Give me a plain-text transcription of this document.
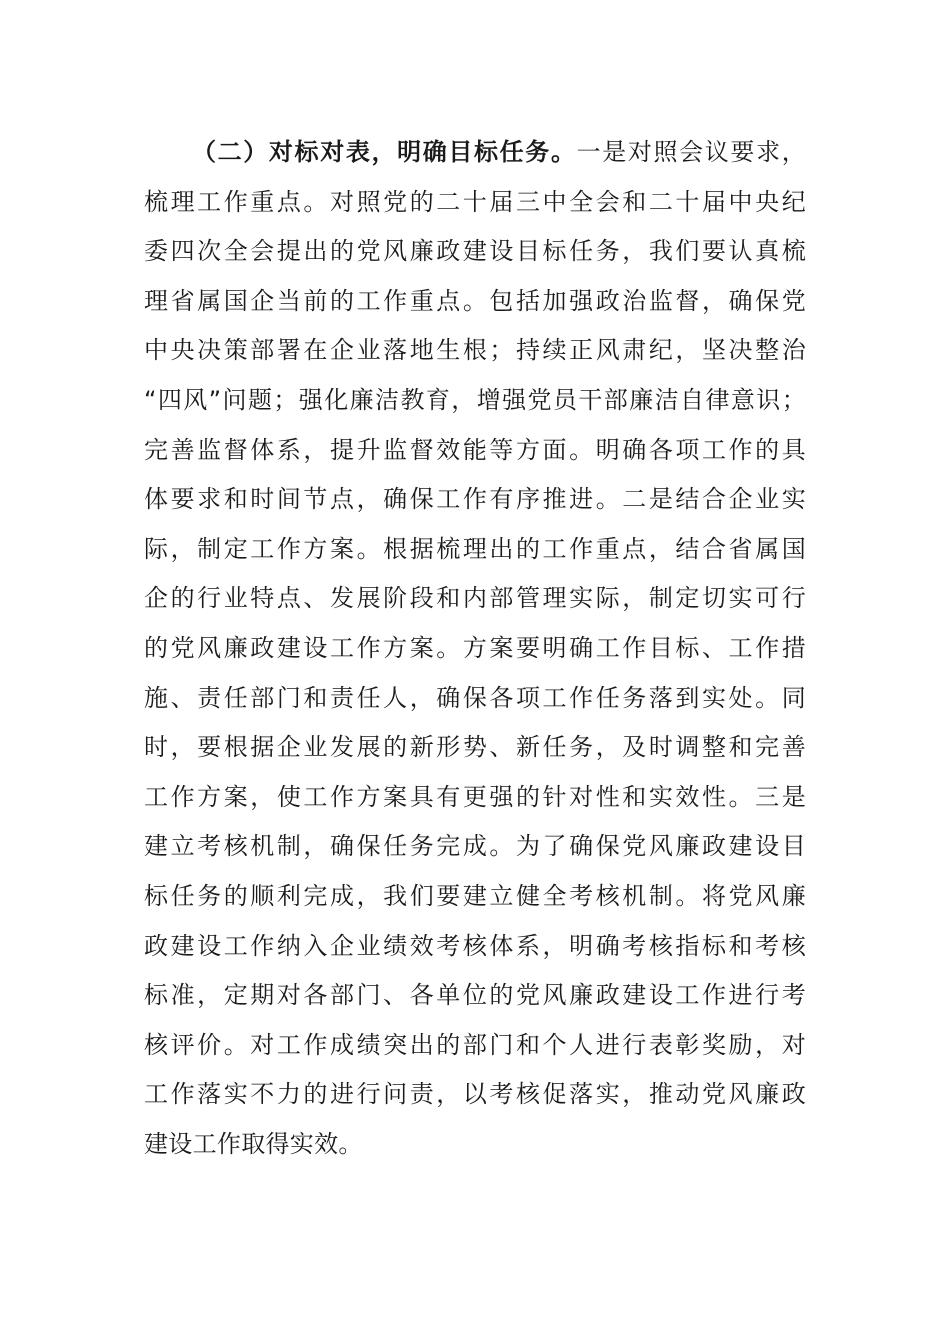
（二）对标对表，明确目标任务。一是对照会议要求，
梳理工作重点。对照党的二十届三中全会和二十届中央纪
委四次全会提出的党风廉政建设目标任务，我们要认真梳
理省属国企当前的工作重点。包括加强政治监督，确保党
中央决策部署在企业落地生根；持续正风肃纪，坚决整治
“四风”问题；强化廉洁教育，增强党员干部廉洁自律意识；
完善监督体系，提升监督效能等方面。明确各项工作的具
体要求和时间节点，确保工作有序推进。二是结合企业实
际，制定工作方案。根据梳理出的工作重点，结合省属国
企的行业特点、发展阶段和内部管理实际，制定切实可行
的党风廉政建设工作方案。方案要明确工作目标、工作措
施、责任部门和责任人，确保各项工作任务落到实处。同
时，要根据企业发展的新形势、新任务，及时调整和完善
工作方案，使工作方案具有更强的针对性和实效性。三是
建立考核机制，确保任务完成。为了确保党风廉政建设目
标任务的顺利完成，我们要建立健全考核机制。将党风廉
政建设工作纳入企业绩效考核体系，明确考核指标和考核
标准，定期对各部门、各单位的党风廉政建设工作进行考
核评价。对工作成绩突出的部门和个人进行表彰奖励，对
工作落实不力的进行问责，以考核促落实，推动党风廉政
建设工作取得实效。
